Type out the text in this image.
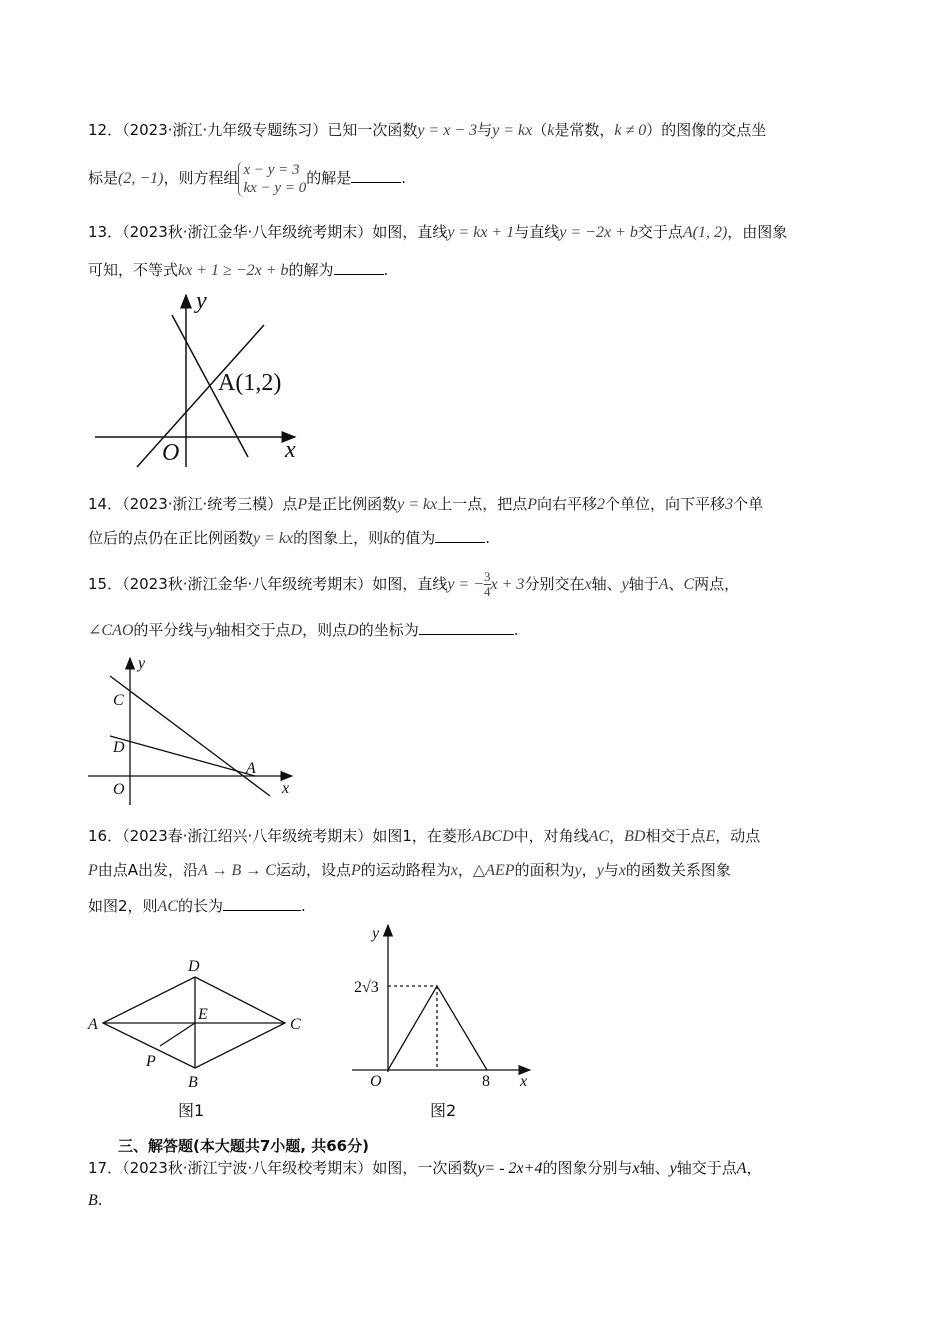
12．（2023·浙江·九年级专题练习）已知一次函数y = x − 3与y = kx（k是常数，k ≠ 0）的图像的交点坐
标是(2, −1)，则方程组 x − y = 3
kx − y = 0
的解是	.
13．（2023秋·浙江金华·八年级统考期末）如图，直线y = kx + 1与直线y = −2x + b交于点A(1, 2)，由图象
可知，不等式kx + 1 ≥ −2x + b的解为	.
14．（2023·浙江·统考三模）点P是正比例函数y = kx上一点，把点P向右平移2个单位，向下平移3个单
位后的点仍在正比例函数y = kx的图象上，则k的值为	.
15．（2023秋·浙江金华·八年级统考期末）如图，直线y = − $\frac{3}{4}$ x + 3分别交在x轴、y轴于A、C两点，
∠CAO的平分线与y轴相交于点D，则点D的坐标为	.
16．（2023春·浙江绍兴·八年级统考期末）如图1，在菱形ABCD中，对角线AC，BD相交于点E，动点
P由点A出发，沿A → B → C运动，设点P的运动路程为x，△AEP的面积为y，y与x的函数关系图象
如图2，则AC的长为	.
三、解答题(本大题共7小题, 共66分)
17．（2023秋·浙江宁波·八年级校考期末）如图，一次函数y= - 2x+4的图象分别与x轴、y轴交于点A，
B.
y
x
O
A(1,2)
y
x
O
C
D
A
A
D
C
B
E
P
图1
y
x
O	8
2√3
图2
